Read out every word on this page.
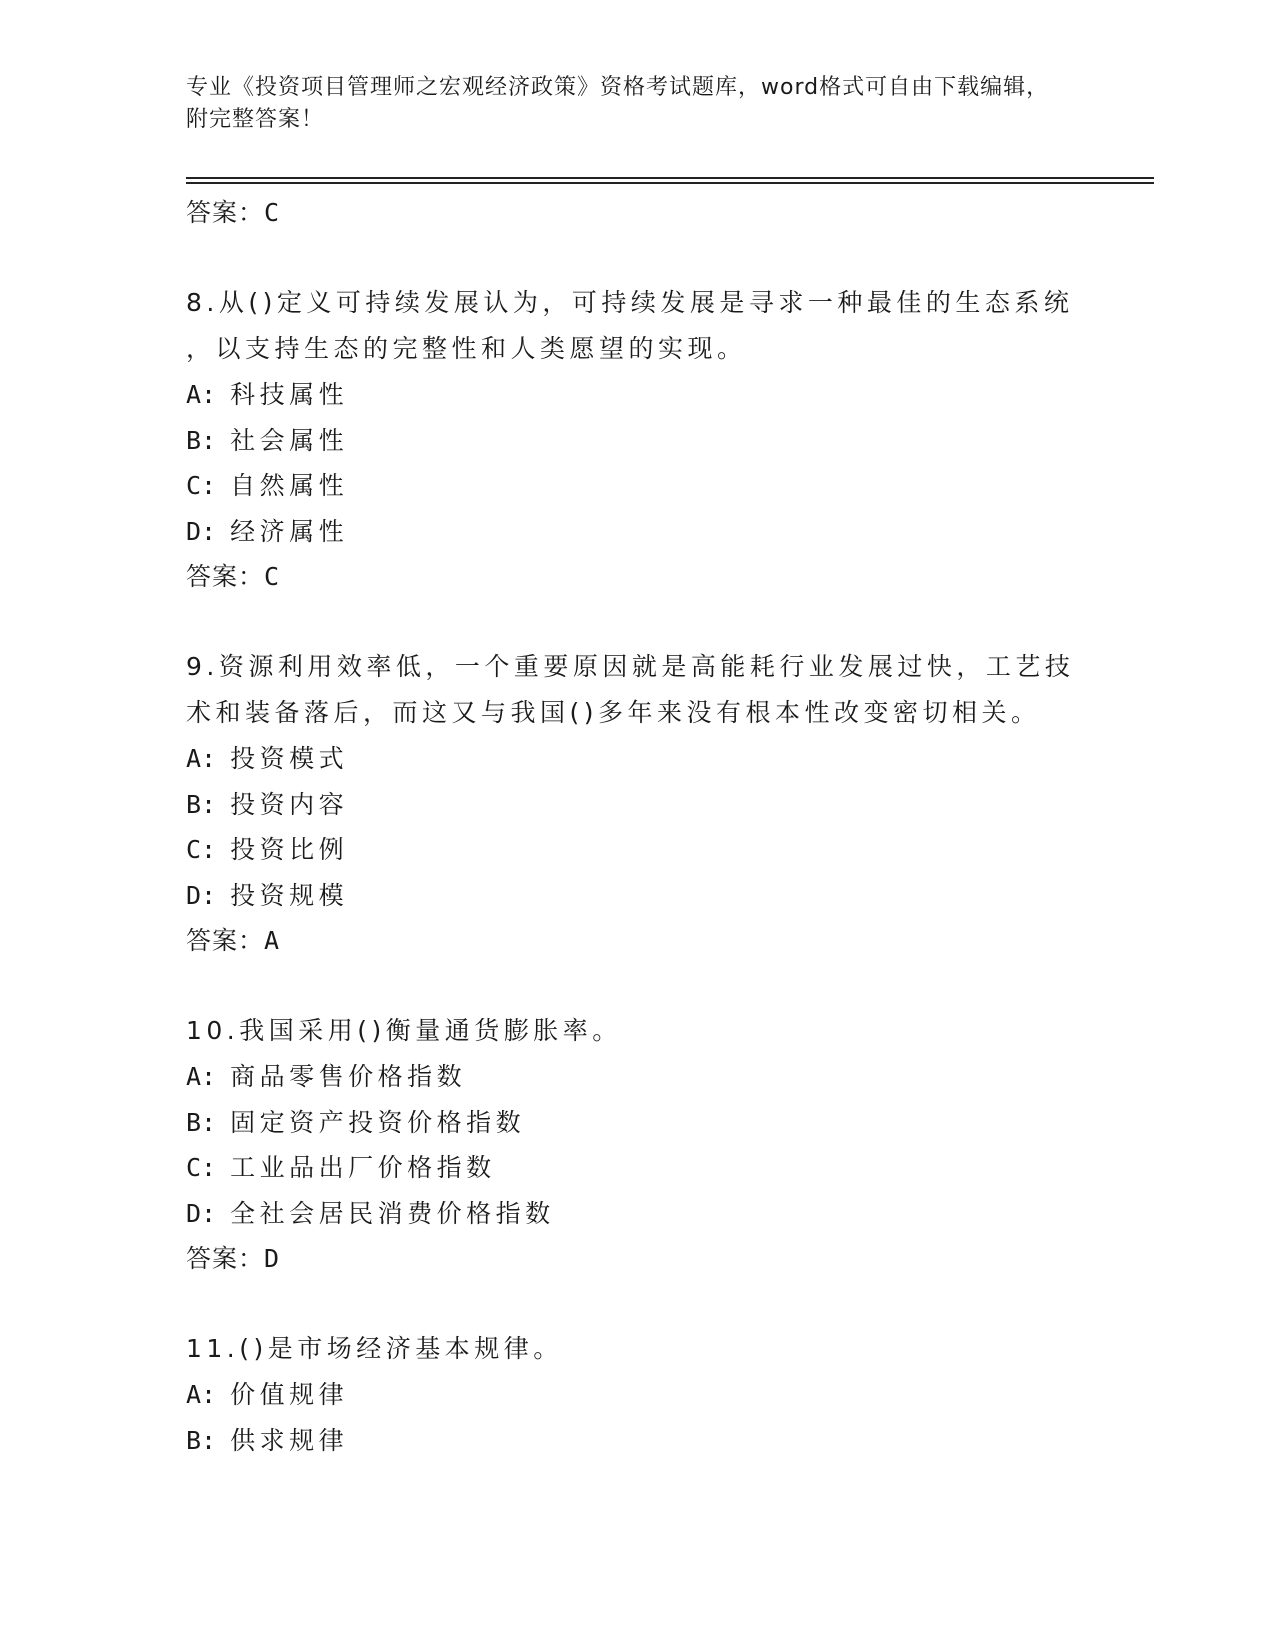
专业《投资项目管理师之宏观经济政策》资格考试题库，word格式可自由下载编辑，附完整答案！
答案：C
8.从()定义可持续发展认为，可持续发展是寻求一种最佳的生态系统
，以支持生态的完整性和人类愿望的实现。
A: 科技属性
B: 社会属性
C: 自然属性
D: 经济属性
答案：C
9.资源利用效率低，一个重要原因就是高能耗行业发展过快，工艺技
术和装备落后，而这又与我国()多年来没有根本性改变密切相关。
A: 投资模式
B: 投资内容
C: 投资比例
D: 投资规模
答案：A
10.我国采用()衡量通货膨胀率。
A: 商品零售价格指数
B: 固定资产投资价格指数
C: 工业品出厂价格指数
D: 全社会居民消费价格指数
答案：D
11.()是市场经济基本规律。
A: 价值规律
B: 供求规律
